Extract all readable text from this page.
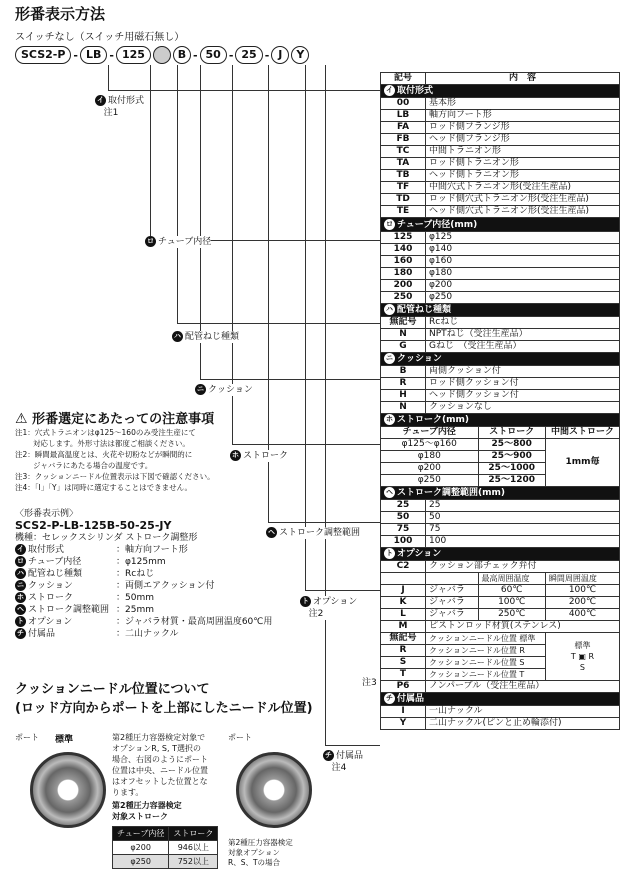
形番表示方法
スイッチなし（スイッチ用磁石無し）
SCS2-P - LB - 125	B - 50 - 25 - J	Y
イ 取付形式
注1
ロ チューブ内径
ハ 配管ねじ種類
ニ クッション
ホ ストローク
ヘ ストローク調整範囲
ト オプション
注2
チ 付属品
注4
注3
記号	内　容		
イ 取付形式			
00	基本形		
LB	軸方向フート形		
FA	ロッド側フランジ形		
FB	ヘッド側フランジ形		
TC	中間トラニオン形		
TA	ロッド側トラニオン形		
TB	ヘッド側トラニオン形		
TF	中間穴式トラニオン形(受注生産品)		
TD	ロッド側穴式トラニオン形(受注生産品)		
TE	ヘッド側穴式トラニオン形(受注生産品)		
ロ チューブ内径(mm)			
125	φ125		
140	φ140		
160	φ160		
180	φ180		
200	φ200		
250	φ250		
ハ 配管ねじ種類			
無記号	Rcねじ		
N	NPTねじ（受注生産品）		
G	Gねじ　（受注生産品）		
ニ クッション			
B	両側クッション付		
R	ロッド側クッション付		
H	ヘッド側クッション付		
N	クッションなし		
ホ ストローク(mm)			
チューブ内径		ストローク	中間ストローク
φ125～φ160		25～800	1mm毎
φ180		25～900	
φ200		25～1000	
φ250		25～1200	
ヘ ストローク調整範囲(mm)			
25	25		
50	50		
75	75		
100	100		
ト オプション			
C2	クッション部チェック弁付		
		最高周囲温度	瞬間周囲温度
J	ジャバラ	60℃	100℃
K	ジャバラ	100℃	200℃
L	ジャバラ	250℃	400℃
M	ピストンロッド材質(ステンレス)		
無記号	クッションニードル位置 標準		標準
T ▣ R
S
R	クッションニードル位置 R		
S	クッションニードル位置 S		
T	クッションニードル位置 T		
P6	ノンパーブル（受注生産品）		
チ 付属品			
I	一山ナックル		
Y	二山ナックル(ピンと止め輪添付)		
⚠ 形番選定にあたっての注意事項

注1：穴式トラニオンはφ125～160のみ受注生産にて

対応します。外形寸法は都度ご相談ください。

注2：瞬間最高温度とは、火花や切粉などが瞬間的に

ジャバラにあたる場合の温度です。

注3：クッションニードル位置表示は下図で確認ください。

注4：「I」「Y」は同時に選定することはできません。

〈形番表示例〉
SCS2-P-LB-125B-50-25-JY
機種：セレックスシリンダ ストローク調整形
イ 取付形式	：軸方向フート形
ロ チューブ内径	：φ125mm
ハ 配管ねじ種類	：Rcねじ
ニ クッション	：両側エアクッション付
ホ ストローク	：50mm
ヘ ストローク調整範囲 ：25mm
ト オプション	：ジャバラ材質・最高周囲温度60℃用
チ 付属品	：二山ナックル
クッションニードル位置について
(ロッド方向からポートを上部にしたニードル位置)
ポート 標準	第2種圧力容器検定対象で
オプションR, S, T選択の
場合、右図のようにポート
位置は中央、ニードル位置
はオフセットした位置とな
ります。
第2種圧力容器検定
対象ストローク
チューブ内径	ストローク
φ200	946以上
φ250	752以上
ポート
第2種圧力容器検定
対象オプション
R、S、Tの場合
